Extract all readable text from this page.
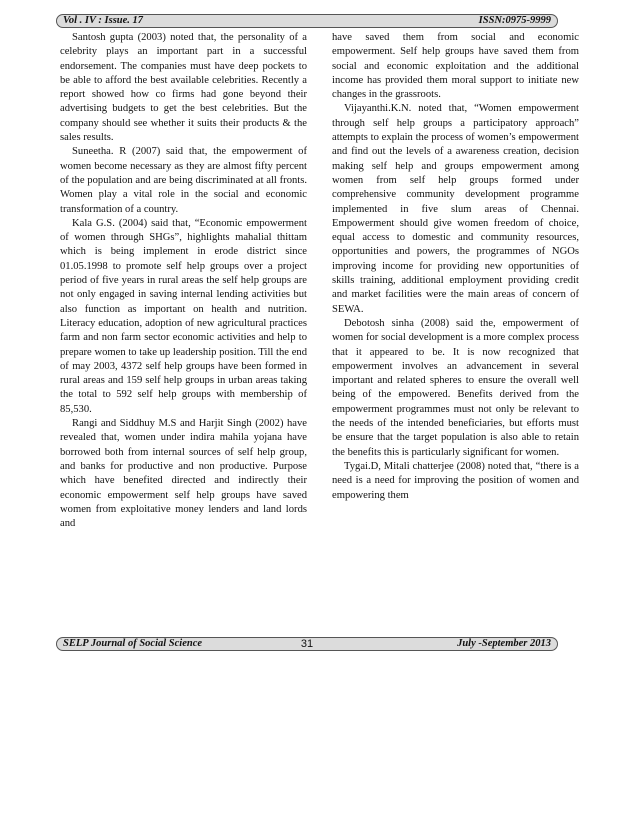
Vol . IV : Issue. 17	ISSN:0975-9999

Santosh gupta (2003) noted that, the personality of a celebrity plays an important part in a successful endorsement. The companies must have deep pockets to be able to afford the best available celebrities. Recently a report showed how co firms had gone beyond their advertising budgets to get the best celebrities. But the company should see whether it suits their products & the sales results.

Suneetha. R (2007) said that, the empowerment of women become necessary as they are almost fifty percent of the population and are being discriminated at all fronts. Women play a vital role in the social and economic transformation of a country.

Kala G.S. (2004) said that, “Economic empowerment of women through SHGs”, highlights mahalial thittam which is being implement in erode district since 01.05.1998 to promote self help groups over a project period of five years in rural areas the self help groups are not only engaged in saving internal lending activities but also function as important on health and nutrition. Literacy education, adoption of new agricultural practices farm and non farm sector economic activities and help to prepare women to take up leadership position. Till the end of may 2003, 4372 self help groups have been formed in rural areas and 159 self help groups in urban areas taking the total to 592 self help groups with membership of 85,530.

Rangi and Siddhuy M.S and Harjit Singh (2002) have revealed that, women under indira mahila yojana have borrowed both from internal sources of self help group, and banks for productive and non productive. Purpose which have benefited directed and indirectly their economic empowerment self help groups have saved women from exploitative money lenders and land lords and

have saved them from social and economic empowerment. Self help groups have saved them from social and economic exploitation and the additional income has provided them moral support to initiate new changes in the grassroots.

Vijayanthi.K.N. noted that, “Women empowerment through self help groups a participatory approach” attempts to explain the process of women’s empowerment and find out the levels of a awareness creation, decision making self help and groups empowerment among women from self help groups formed under comprehensive community development programme implemented in five slum areas of Chennai. Empowerment should give women freedom of choice, equal access to domestic and community resources, opportunities and powers, the programmes of NGOs improving income for providing new opportunities of skills training, additional employment providing credit and market facilities were the main areas of concern of SEWA.

Debotosh sinha (2008) said the, empowerment of women for social development is a more complex process that it appeared to be. It is now recognized that empowerment involves an advancement in several important and related spheres to ensure the overall well being of the empowered. Benefits derived from the empowerment programmes must not only be relevant to the needs of the intended beneficiaries, but efforts must be ensure that the target population is also able to retain the benefits this is particularly significant for women.

Tygai.D, Mitali chatterjee (2008) noted that, “there is a need is a need for improving the position of women and empowering them

SELP Journal of Social Science	31	July -September 2013
